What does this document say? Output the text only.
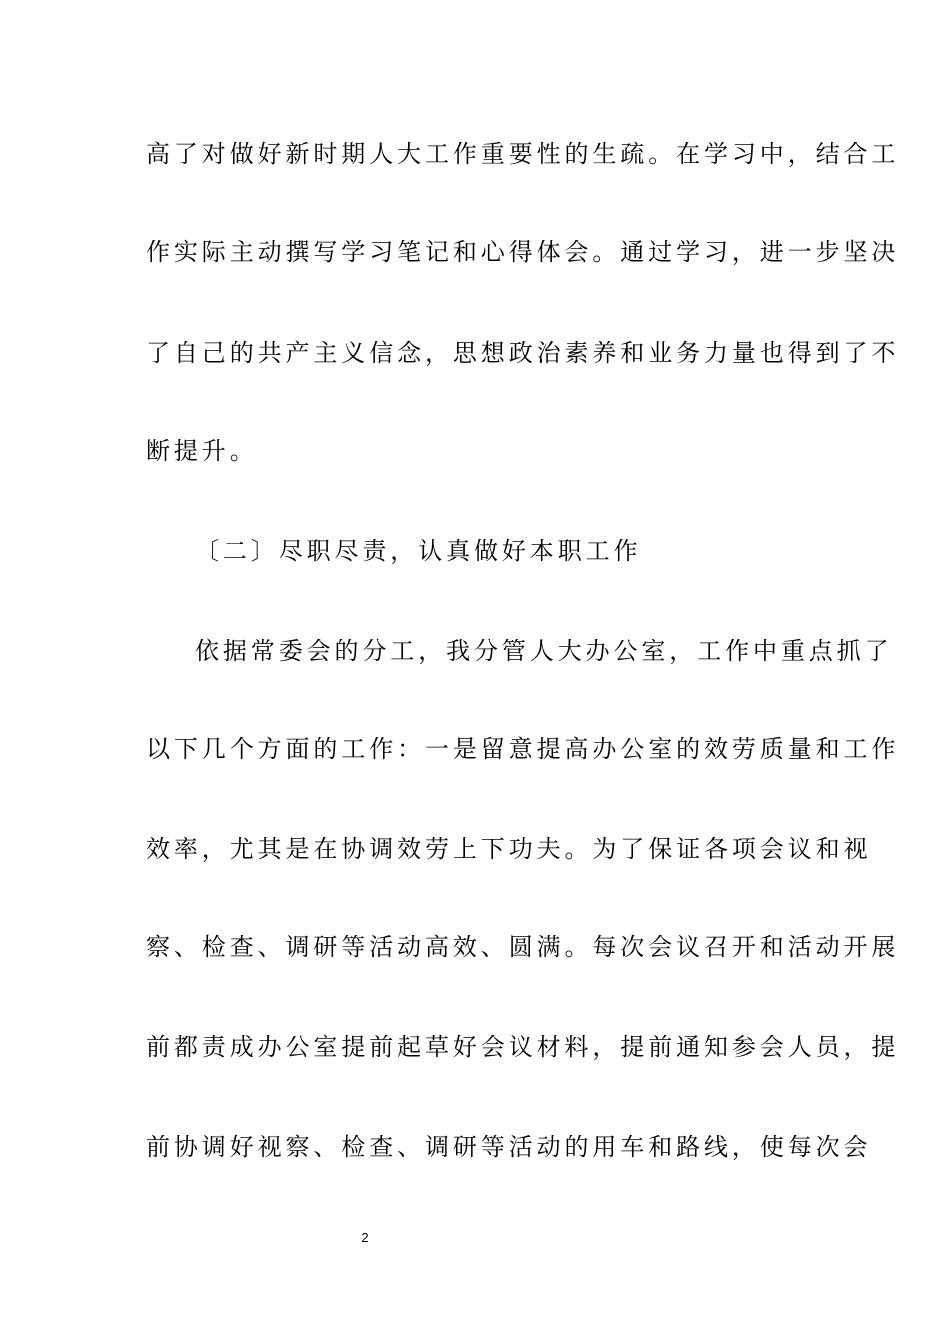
高了对做好新时期人大工作重要性的生疏。在学习中，结合工
作实际主动撰写学习笔记和心得体会。通过学习，进一步坚决
了自己的共产主义信念，思想政治素养和业务力量也得到了不
断提升。
〔二〕尽职尽责，认真做好本职工作
依据常委会的分工，我分管人大办公室，工作中重点抓了
以下几个方面的工作：一是留意提高办公室的效劳质量和工作
效率，尤其是在协调效劳上下功夫。为了保证各项会议和视
察、检查、调研等活动高效、圆满。每次会议召开和活动开展
前都责成办公室提前起草好会议材料，提前通知参会人员，提
前协调好视察、检查、调研等活动的用车和路线，使每次会
2
